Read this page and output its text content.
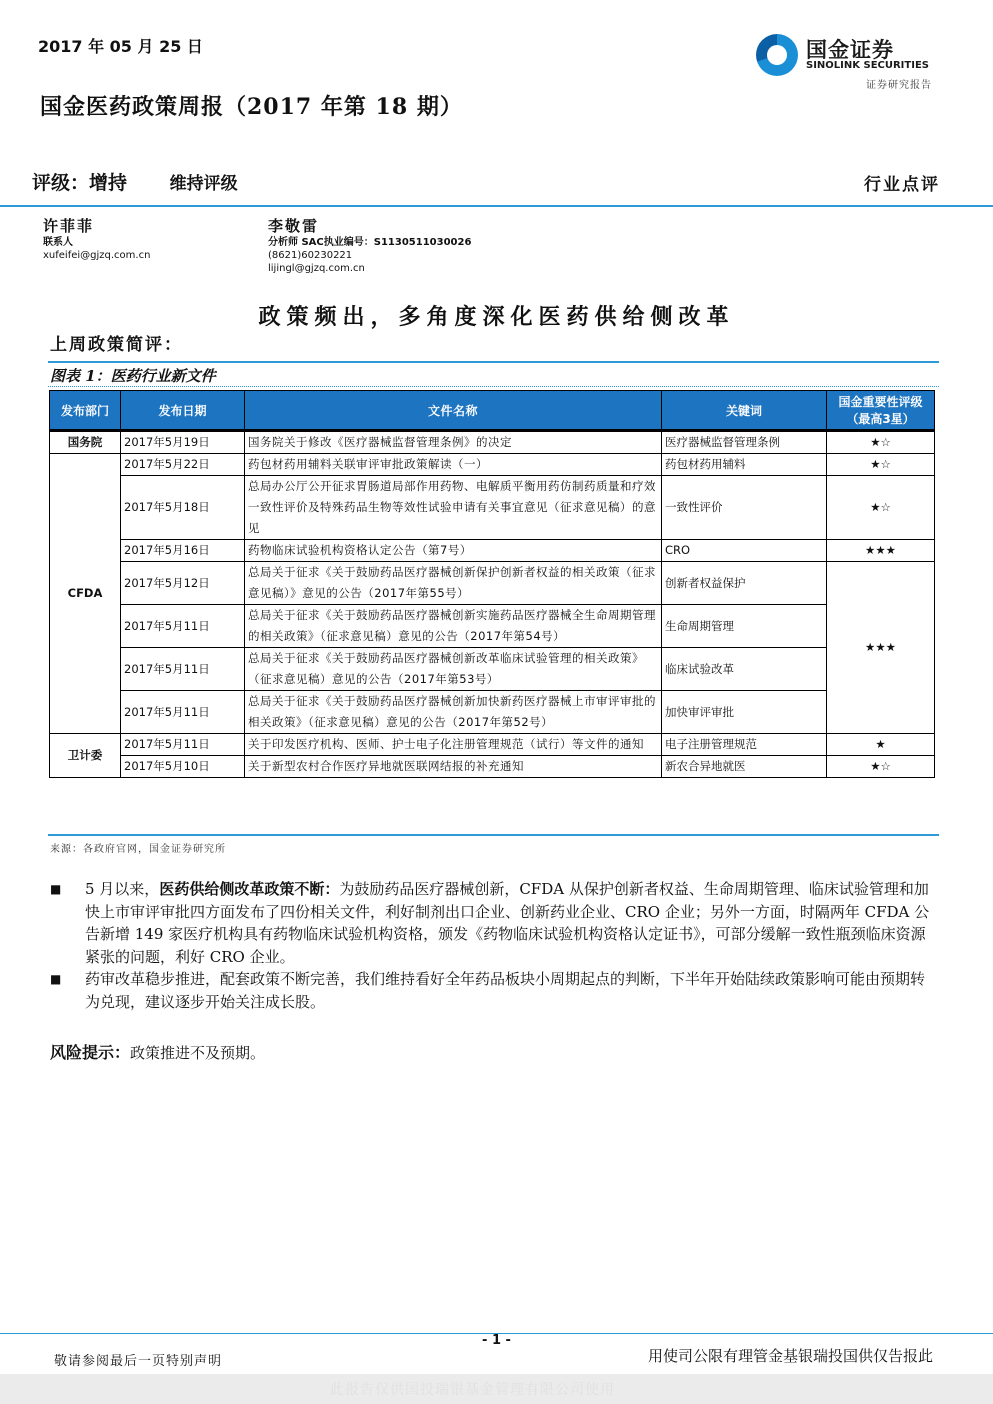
2017 年 05 月 25 日	国金证券
SINOLINK SECURITIES
证券研究报告
国金医药政策周报（2017 年第 18 期）
评级：增持	维持评级	行业点评
许菲菲
联系人
xufeifei@gjzq.com.cn
李敬雷
分析师 SAC执业编号：S1130511030026
(8621)60230221
lijingl@gjzq.com.cn
政策频出，多角度深化医药供给侧改革
上周政策简评：
图表 1：医药行业新文件
发布部门	发布日期	文件名称	关键词	国金重要性评级
（最高3星）
国务院	2017年5月19日	国务院关于修改《医疗器械监督管理条例》的决定	医疗器械监督管理条例	★☆
CFDA	2017年5月22日	药包材药用辅料关联审评审批政策解读（一）	药包材药用辅料	★☆
	2017年5月18日	总局办公厅公开征求胃肠道局部作用药物、电解质平衡用药仿制药质量和疗效一致性评价及特殊药品生物等效性试验申请有关事宜意见（征求意见稿）的意见	一致性评价	★☆
	2017年5月16日	药物临床试验机构资格认定公告（第7号）	CRO	★★★
	2017年5月12日	总局关于征求《关于鼓励药品医疗器械创新保护创新者权益的相关政策（征求意见稿）》意见的公告（2017年第55号）	创新者权益保护	★★★
	2017年5月11日	总局关于征求《关于鼓励药品医疗器械创新实施药品医疗器械全生命周期管理的相关政策》（征求意见稿）意见的公告（2017年第54号）	生命周期管理	
	2017年5月11日	总局关于征求《关于鼓励药品医疗器械创新改革临床试验管理的相关政策》（征求意见稿）意见的公告（2017年第53号）	临床试验改革	
	2017年5月11日	总局关于征求《关于鼓励药品医疗器械创新加快新药医疗器械上市审评审批的相关政策》（征求意见稿）意见的公告（2017年第52号）	加快审评审批	
卫计委	2017年5月11日	关于印发医疗机构、医师、护士电子化注册管理规范（试行）等文件的通知	电子注册管理规范	★
	2017年5月10日	关于新型农村合作医疗异地就医联网结报的补充通知	新农合异地就医	★☆
来源：各政府官网，国金证券研究所
■ 5 月以来，医药供给侧改革政策不断：为鼓励药品医疗器械创新，CFDA 从保护创新者权益、生命周期管理、临床试验管理和加快上市审评审批四方面发布了四份相关文件，利好制剂出口企业、创新药业企业、CRO 企业；另外一方面，时隔两年 CFDA 公告新增 149 家医疗机构具有药物临床试验机构资格，颁发《药物临床试验机构资格认定证书》，可部分缓解一致性瓶颈临床资源紧张的问题，利好 CRO 企业。
■ 药审改革稳步推进，配套政策不断完善，我们维持看好全年药品板块小周期起点的判断，下半年开始陆续政策影响可能由预期转为兑现，建议逐步开始关注成长股。
风险提示：政策推进不及预期。
- 1 -
敬请参阅最后一页特别声明	用使司公限有理管金基银瑞投国供仅告报此
此报告仅供国投瑞银基金管理有限公司使用
